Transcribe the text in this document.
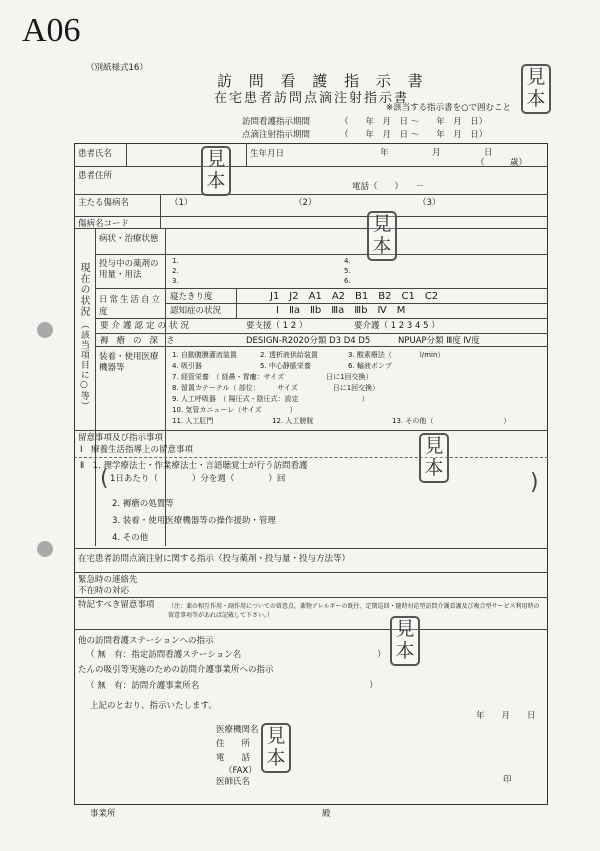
A06
（別紙様式16）
訪 問 看 護 指 示 書
在宅患者訪問点滴注射指示書
※該当する指示書を○で囲むこと
訪問看護指示期間	（　　年　月　日 ～　　年　月　日）
点滴注射指示期間	（　　年　月　日 ～　　年　月　日）
患者氏名	生年月日	年	月	日
（　　　歳）
患者住所
電話（　　）　　－
主たる傷病名	（1）	（2）	（3）
傷病名コード
現在の状況
（該当項目に○等）
病状・治療状態
投与中の薬剤の用量・用法
1.
2.
3.
4.
5.
6.
日常生活自立度
寝たきり度	J1　J2　A1　A2　B1　B2　C1　C2
認知症の状況	Ⅰ　Ⅱa　Ⅱb　Ⅲa　Ⅲb　Ⅳ　M
要介護認定の状況	要支援（ 1 2 ）	要介護（ 1 2 3 4 5 ）
褥瘡の深さ	DESIGN-R2020分類 D3 D4 D5	NPUAP分類 Ⅲ度 Ⅳ度
装着・使用医療機器等
1. 自動腹膜灌流装置	2. 透析液供給装置	3. 酸素療法（　　　　l/min）
4. 吸引器	5. 中心静脈栄養	6. 輸液ポンプ
7. 経管栄養　（ 経鼻・胃瘻：サイズ　　　　　　日に1回交換）
8. 留置カテーテル（ 部位：　　　サイズ　　　　　日に1回交換）
9. 人工呼吸器　（ 陽圧式・陰圧式：設定　　　　　　　　　）
10. 気管カニューレ（サイズ　　　　）
11. 人工肛門	12. 人工膀胱	13. その他（　　　　　　　　　　）
留意事項及び指示事項
Ⅰ　療養生活指導上の留意事項
Ⅱ　1. 理学療法士・作業療法士・言語聴覚士が行う訪問看護
1日あたり（　　　　）分を週（　　　　）回
(	)
2. 褥瘡の処置等
3. 装着・使用医療機器等の操作援助・管理
4. その他
在宅患者訪問点滴注射に関する指示（投与薬剤・投与量・投与方法等）
緊急時の連絡先
不在時の対応
特記すべき留意事項 （注：薬の相互作用・副作用についての留意点、薬物アレルギーの既往、定期巡回・随時対応型訪問介護看護及び複合型サービス利用時の留意事項等があれば記載して下さい。）
他の訪問看護ステーションへの指示
（ 無　有：指定訪問看護ステーション名　　　　　　　　　　　　　　　　）
たんの吸引等実施のための訪問介護事業所への指示
（ 無　有：訪問介護事業所名　　　　　　　　　　　　　　　　　　　　）
上記のとおり、指示いたします。
年　　月　　日
医療機関名
住　　所
電　　話
（FAX）
医師氏名	印
事業所	殿
見
本
見
本
見
本
見
本
見
本
見
本
